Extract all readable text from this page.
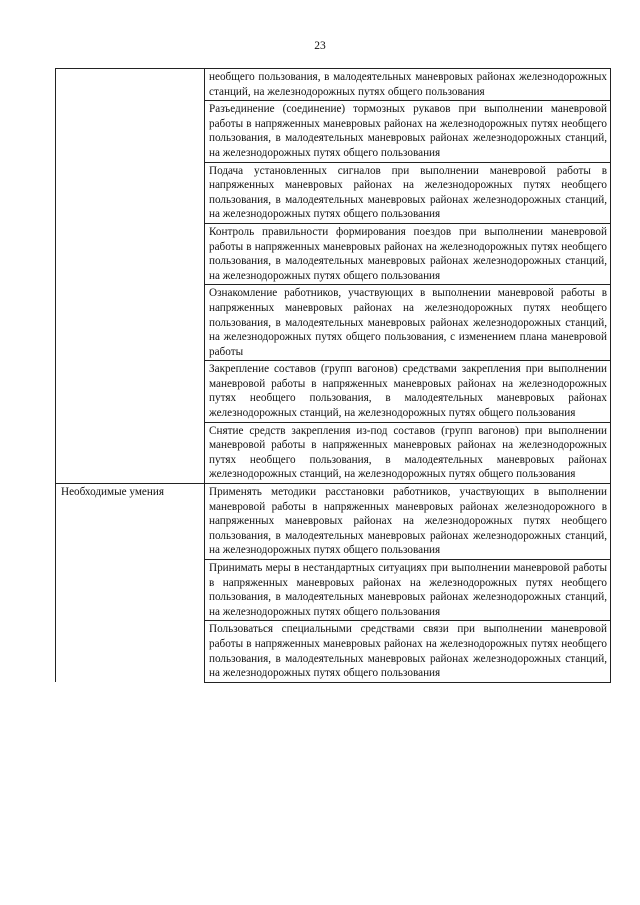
23
	необщего пользования, в малодеятельных маневровых районах железнодорожных станций, на железнодорожных путях общего пользования
	Разъединение (соединение) тормозных рукавов при выполнении маневровой работы в напряженных маневровых районах на железнодорожных путях необщего пользования, в малодеятельных маневровых районах железнодорожных станций, на железнодорожных путях общего пользования
	Подача установленных сигналов при выполнении маневровой работы в напряженных маневровых районах на железнодорожных путях необщего пользования, в малодеятельных маневровых районах железнодорожных станций, на железнодорожных путях общего пользования
	Контроль правильности формирования поездов при выполнении маневровой работы в напряженных маневровых районах на железнодорожных путях необщего пользования, в малодеятельных маневровых районах железнодорожных станций, на железнодорожных путях общего пользования
	Ознакомление работников, участвующих в выполнении маневровой работы в напряженных маневровых районах на железнодорожных путях необщего пользования, в малодеятельных маневровых районах железнодорожных станций, на железнодорожных путях общего пользования, с изменением плана маневровой работы
	Закрепление составов (групп вагонов) средствами закрепления при выполнении маневровой работы в напряженных маневровых районах на железнодорожных путях необщего пользования, в малодеятельных маневровых районах железнодорожных станций, на железнодорожных путях общего пользования
	Снятие средств закрепления из-под составов (групп вагонов) при выполнении маневровой работы в напряженных маневровых районах на железнодорожных путях необщего пользования, в малодеятельных маневровых районах железнодорожных станций, на железнодорожных путях общего пользования
Необходимые умения	Применять методики расстановки работников, участвующих в выполнении маневровой работы в напряженных маневровых районах железнодорожного в напряженных маневровых районах на железнодорожных путях необщего пользования, в малодеятельных маневровых районах железнодорожных станций, на железнодорожных путях общего пользования
	Принимать меры в нестандартных ситуациях при выполнении маневровой работы в напряженных маневровых районах на железнодорожных путях необщего пользования, в малодеятельных маневровых районах железнодорожных станций, на железнодорожных путях общего пользования
	Пользоваться специальными средствами связи при выполнении маневровой работы в напряженных маневровых районах на железнодорожных путях необщего пользования, в малодеятельных маневровых районах железнодорожных станций, на железнодорожных путях общего пользования
